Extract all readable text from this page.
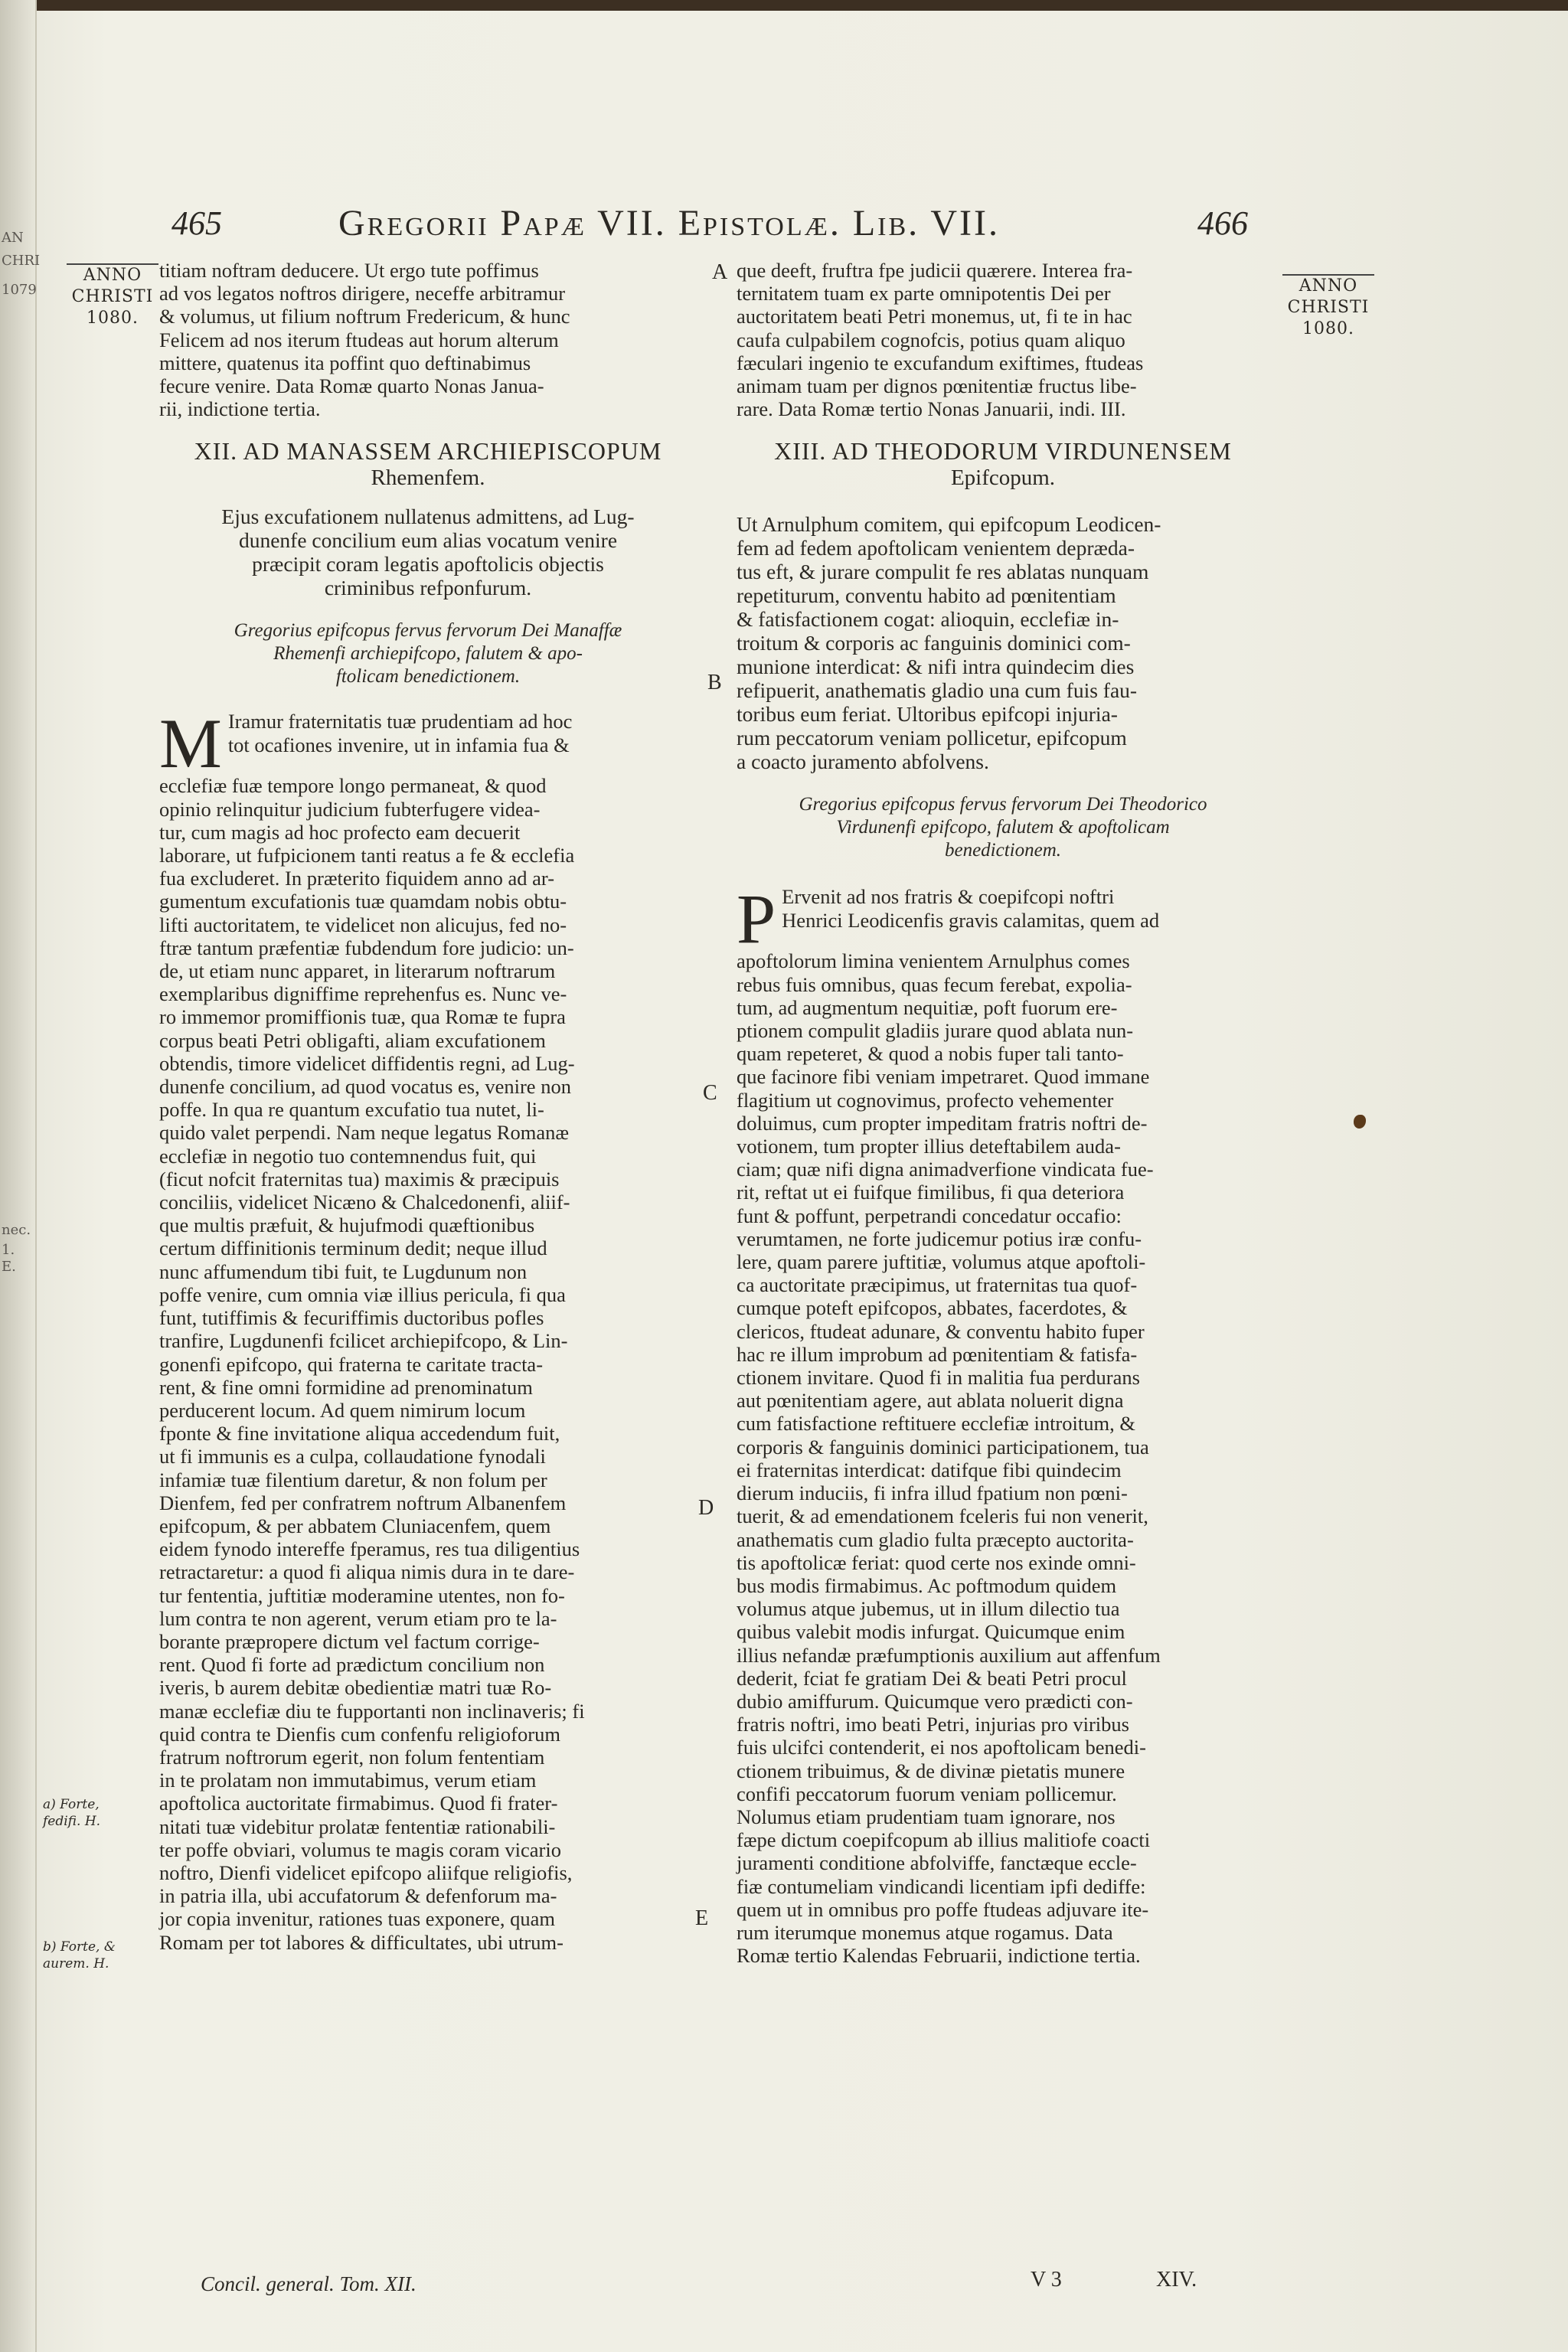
AN
CHRI
1079
nec.
1. E.
465	Gregorii Papæ VII. Epistolæ. Lib. VII.	466
ANNO
CHRISTI
1080.
ANNO
CHRISTI
1080.
A
B
C
D
E
a) Forte,
fedifi. H.
b) Forte, &
aurem. H.
titiam noftram deducere. Ut ergo tute poffimus
ad vos legatos noftros dirigere, neceffe arbitramur
& volumus, ut filium noftrum Fredericum, & hunc
Felicem ad nos iterum ftudeas aut horum alterum
mittere, quatenus ita poffint quo deftinabimus
fecure venire. Data Romæ quarto Nonas Janua-
rii, indictione tertia.
XII. AD MANASSEM ARCHIEPISCOPUM
Rhemenfem.
Ejus excufationem nullatenus admittens, ad Lug-
dunenfe concilium eum alias vocatum venire
præcipit coram legatis apoftolicis objectis
criminibus refponfurum.
Gregorius epifcopus fervus fervorum Dei Manaffæ
Rhemenfi archiepifcopo, falutem & apo-
ftolicam benedictionem.
M Iramur fraternitatis tuæ prudentiam ad hoc
tot ocafiones invenire, ut in infamia fua &
ecclefiæ fuæ tempore longo permaneat, & quod
opinio relinquitur judicium fubterfugere videa-
tur, cum magis ad hoc profecto eam decuerit
laborare, ut fufpicionem tanti reatus a fe & ecclefia
fua excluderet. In præterito fiquidem anno ad ar-
gumentum excufationis tuæ quamdam nobis obtu-
lifti auctoritatem, te videlicet non alicujus, fed no-
ftræ tantum præfentiæ fubdendum fore judicio: un-
de, ut etiam nunc apparet, in literarum noftrarum
exemplaribus digniffime reprehenfus es. Nunc ve-
ro immemor promiffionis tuæ, qua Romæ te fupra
corpus beati Petri obligafti, aliam excufationem
obtendis, timore videlicet diffidentis regni, ad Lug-
dunenfe concilium, ad quod vocatus es, venire non
poffe. In qua re quantum excufatio tua nutet, li-
quido valet perpendi. Nam neque legatus Romanæ
ecclefiæ in negotio tuo contemnendus fuit, qui
(ficut nofcit fraternitas tua) maximis & præcipuis
conciliis, videlicet Nicæno & Chalcedonenfi, aliif-
que multis præfuit, & hujufmodi quæftionibus
certum diffinitionis terminum dedit; neque illud
nunc affumendum tibi fuit, te Lugdunum non
poffe venire, cum omnia viæ illius pericula, fi qua
funt, tutiffimis & fecuriffimis ductoribus pofles
tranfire, Lugdunenfi fcilicet archiepifcopo, & Lin-
gonenfi epifcopo, qui fraterna te caritate tracta-
rent, & fine omni formidine ad prenominatum
perducerent locum. Ad quem nimirum locum
fponte & fine invitatione aliqua accedendum fuit,
ut fi immunis es a culpa, collaudatione fynodali
infamiæ tuæ filentium daretur, & non folum per
Dienfem, fed per confratrem noftrum Albanenfem
epifcopum, & per abbatem Cluniacenfem, quem
eidem fynodo intereffe fperamus, res tua diligentius
retractaretur: a quod fi aliqua nimis dura in te dare-
tur fententia, juftitiæ moderamine utentes, non fo-
lum contra te non agerent, verum etiam pro te la-
borante præpropere dictum vel factum corrige-
rent. Quod fi forte ad prædictum concilium non
iveris, b aurem debitæ obedientiæ matri tuæ Ro-
manæ ecclefiæ diu te fupportanti non inclinaveris; fi
quid contra te Dienfis cum confenfu religioforum
fratrum noftrorum egerit, non folum fententiam
in te prolatam non immutabimus, verum etiam
apoftolica auctoritate firmabimus. Quod fi frater-
nitati tuæ videbitur prolatæ fententiæ rationabili-
ter poffe obviari, volumus te magis coram vicario
noftro, Dienfi videlicet epifcopo aliifque religiofis,
in patria illa, ubi accufatorum & defenforum ma-
jor copia invenitur, rationes tuas exponere, quam
Romam per tot labores & difficultates, ubi utrum-
Concil. general. Tom. XII.
que deeft, fruftra fpe judicii quærere. Interea fra-
ternitatem tuam ex parte omnipotentis Dei per
auctoritatem beati Petri monemus, ut, fi te in hac
caufa culpabilem cognofcis, potius quam aliquo
fæculari ingenio te excufandum exiftimes, ftudeas
animam tuam per dignos pœnitentiæ fructus libe-
rare. Data Romæ tertio Nonas Januarii, indi. III.
XIII. AD THEODORUM VIRDUNENSEM
Epifcopum.
Ut Arnulphum comitem, qui epifcopum Leodicen-
fem ad fedem apoftolicam venientem deprædа-
tus eft, & jurare compulit fe res ablatas nunquam
repetiturum, conventu habito ad pœnitentiam
& fatisfactionem cogat: alioquin, ecclefiæ in-
troitum & corporis ac fanguinis dominici com-
munione interdicat: & nifi intra quindecim dies
refipuerit, anathematis gladio una cum fuis fau-
toribus eum feriat. Ultoribus epifcopi injuria-
rum peccatorum veniam pollicetur, epifcopum
a coacto juramento abfolvens.
Gregorius epifcopus fervus fervorum Dei Theodorico
Virdunenfi epifcopo, falutem & apoftolicam
benedictionem.
P Ervenit ad nos fratris & coepifcopi noftri
Henrici Leodicenfis gravis calamitas, quem ad
apoftolorum limina venientem Arnulphus comes
rebus fuis omnibus, quas fecum ferebat, expolia-
tum, ad augmentum nequitiæ, poft fuorum ere-
ptionem compulit gladiis jurare quod ablata nun-
quam repeteret, & quod a nobis fuper tali tanto-
que facinore fibi veniam impetraret. Quod immane
flagitium ut cognovimus, profecto vehementer
doluimus, cum propter impeditam fratris noftri de-
votionem, tum propter illius deteftabilem auda-
ciam; quæ nifi digna animadverfione vindicata fue-
rit, reftat ut ei fuifque fimilibus, fi qua deteriora
funt & poffunt, perpetrandi concedatur occafio:
verumtamen, ne forte judicemur potius iræ confu-
lere, quam parere juftitiæ, volumus atque apoftoli-
ca auctoritate præcipimus, ut fraternitas tua quof-
cumque poteft epifcopos, abbates, facerdotes, &
clericos, ftudeat adunare, & conventu habito fuper
hac re illum improbum ad pœnitentiam & fatisfa-
ctionem invitare. Quod fi in malitia fua perdurans
aut pœnitentiam agere, aut ablata noluerit digna
cum fatisfactione reftituere ecclefiæ introitum, &
corporis & fanguinis dominici participationem, tua
ei fraternitas interdicat: datifque fibi quindecim
dierum induciis, fi infra illud fpatium non pœni-
tuerit, & ad emendationem fceleris fui non venerit,
anathematis cum gladio fulta præcepto auctorita-
tis apoftolicæ feriat: quod certe nos exinde omni-
bus modis firmabimus. Ac poftmodum quidem
volumus atque jubemus, ut in illum dilectio tua
quibus valebit modis infurgat. Quicumque enim
illius nefandæ præfumptionis auxilium aut affenfum
dederit, fciat fe gratiam Dei & beati Petri procul
dubio amiffurum. Quicumque vero prædicti con-
fratris noftri, imo beati Petri, injurias pro viribus
fuis ulcifci contenderit, ei nos apoftolicam benedi-
ctionem tribuimus, & de divinæ pietatis munere
confifi peccatorum fuorum veniam pollicemur.
Nolumus etiam prudentiam tuam ignorare, nos
fæpe dictum coepifcopum ab illius malitiofe coacti
juramenti conditione abfolviffe, fanctæque eccle-
fiæ contumeliam vindicandi licentiam ipfi dediffe:
quem ut in omnibus pro poffe ftudeas adjuvare ite-
rum iterumque monemus atque rogamus. Data
Romæ tertio Kalendas Februarii, indictione tertia.
V 3	XIV.
